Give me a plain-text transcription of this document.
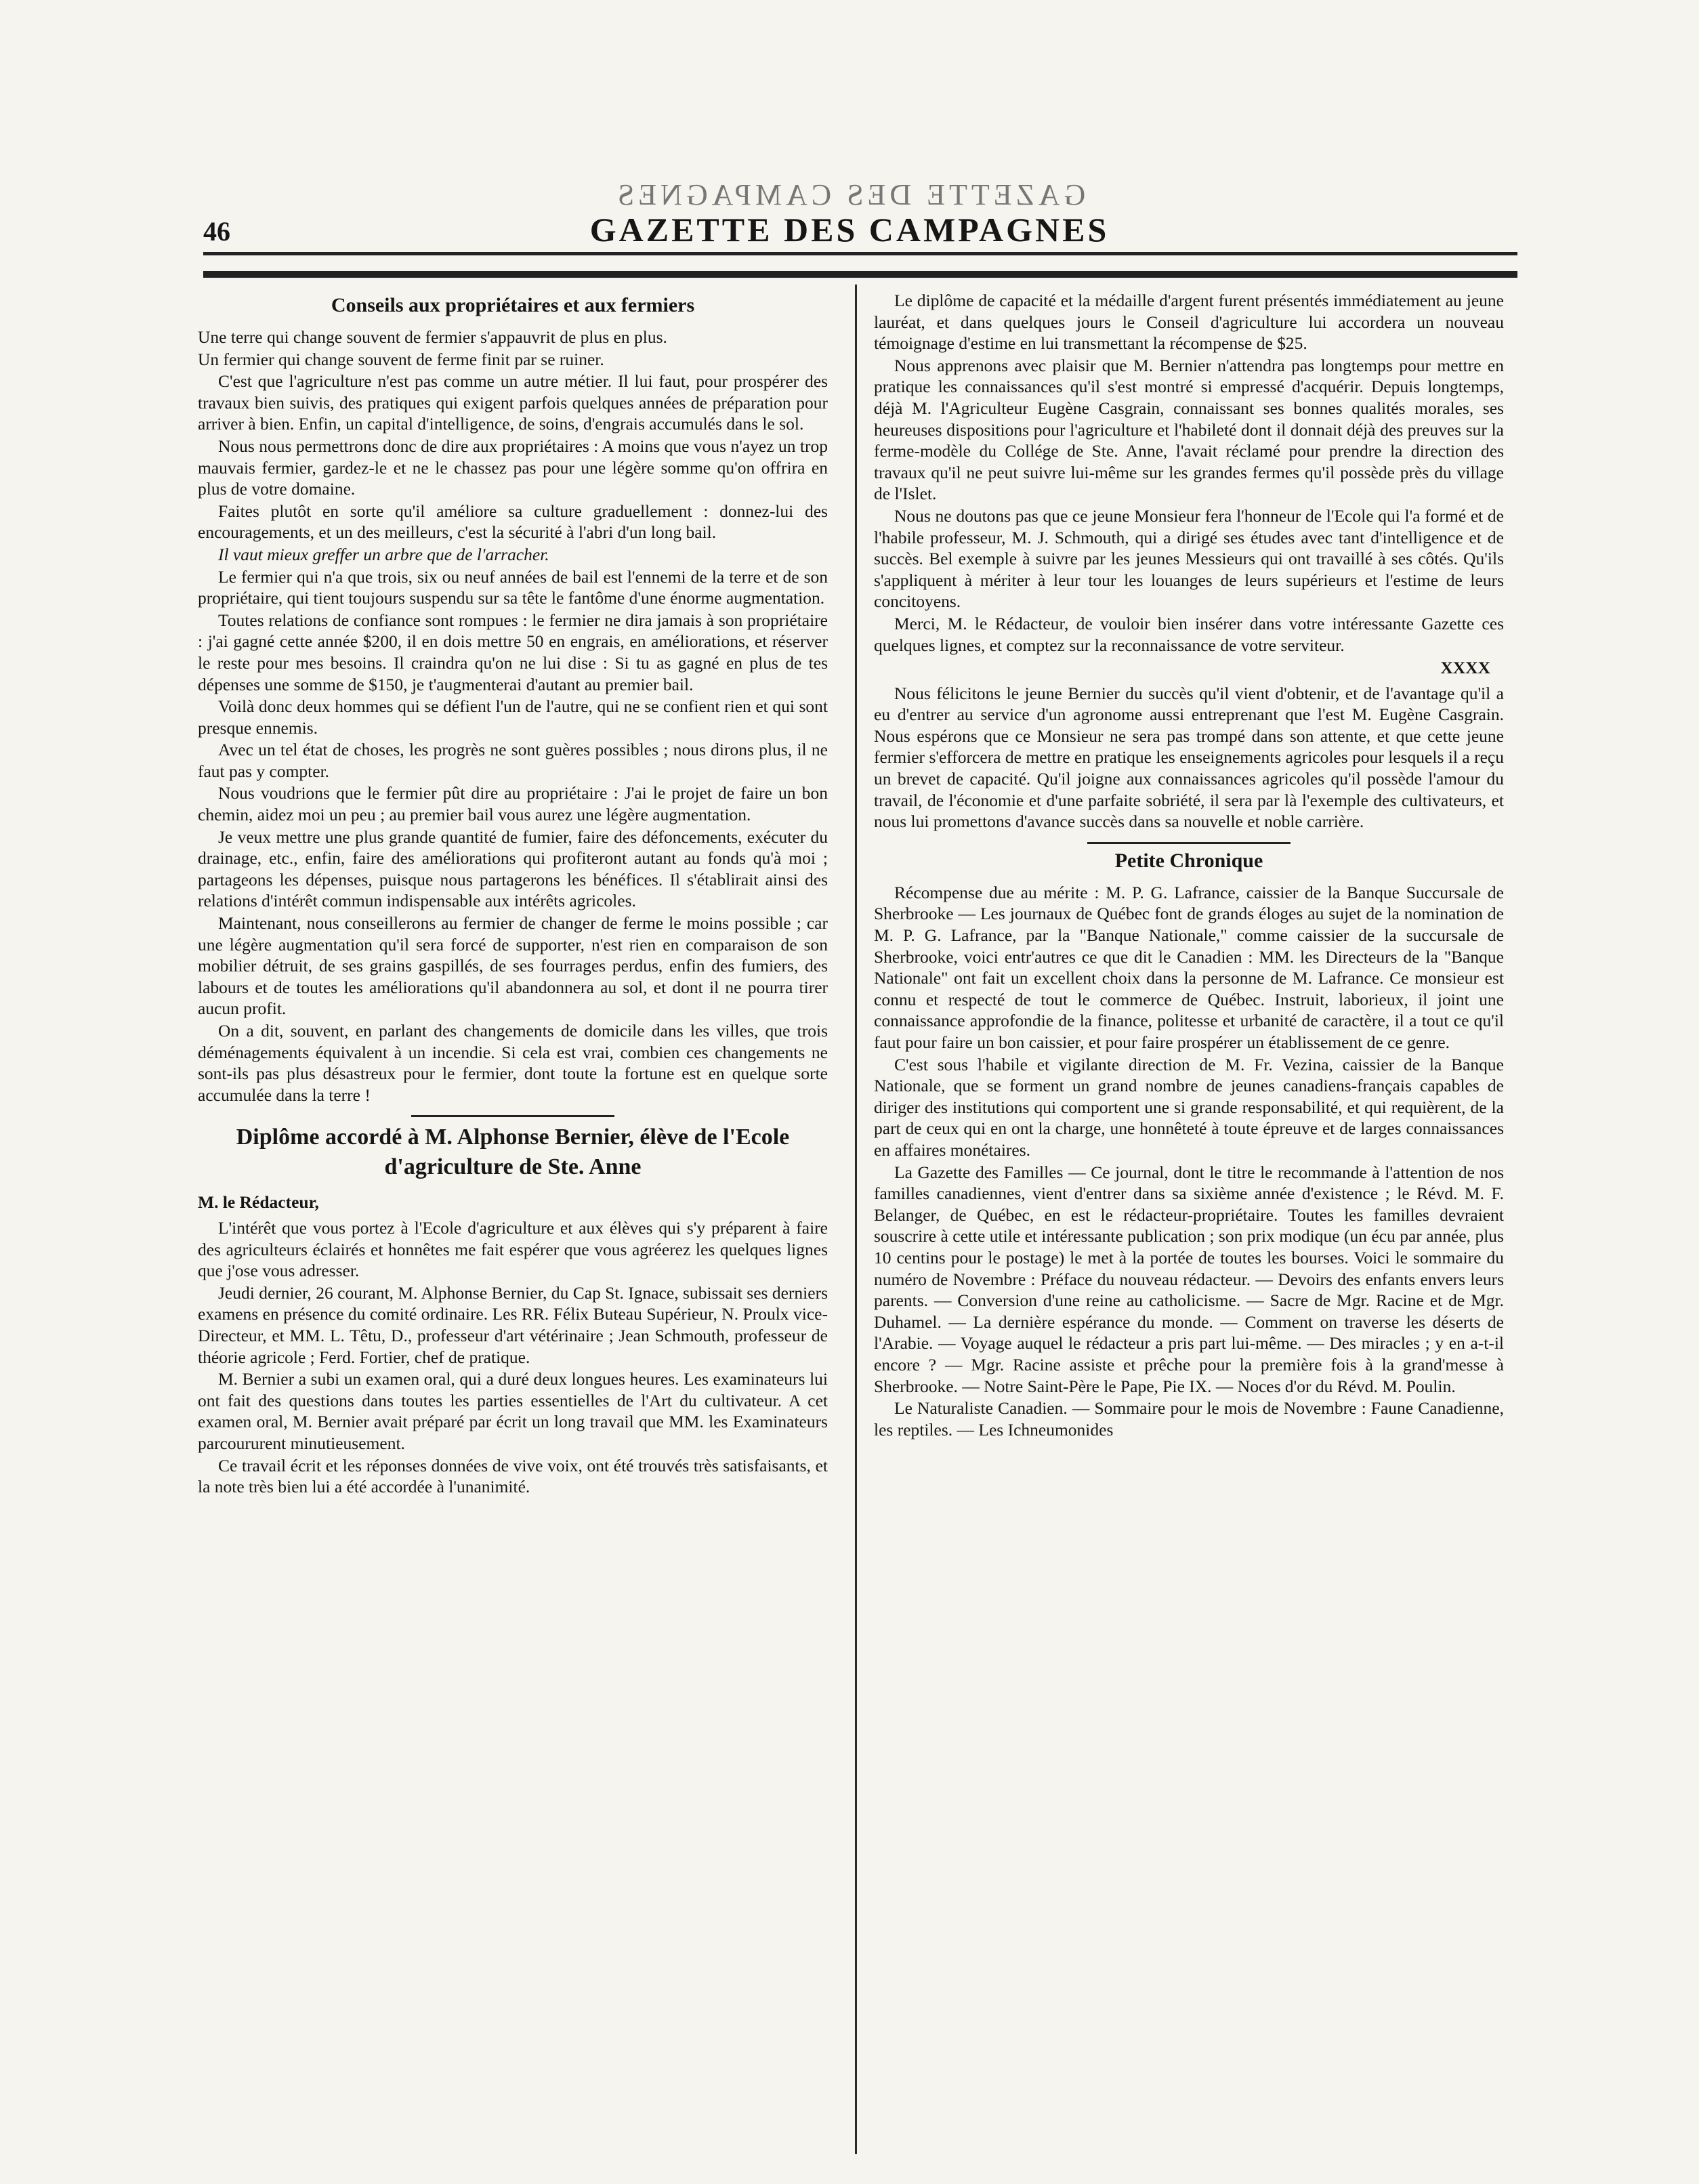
GAZETTE DES CAMPAGNES
46	GAZETTE DES CAMPAGNES
Conseils aux propriétaires et aux fermiers

Une terre qui change souvent de fermier s'appauvrit de plus en plus.

Un fermier qui change souvent de ferme finit par se ruiner.

C'est que l'agriculture n'est pas comme un autre métier. Il lui faut, pour prospérer des travaux bien suivis, des pratiques qui exigent parfois quelques années de préparation pour arriver à bien. Enfin, un capital d'intelligence, de soins, d'engrais accumulés dans le sol.

Nous nous permettrons donc de dire aux propriétaires : A moins que vous n'ayez un trop mauvais fermier, gardez-le et ne le chassez pas pour une légère somme qu'on offrira en plus de votre domaine.

Faites plutôt en sorte qu'il améliore sa culture graduellement : donnez-lui des encouragements, et un des meilleurs, c'est la sécurité à l'abri d'un long bail.

Il vaut mieux greffer un arbre que de l'arracher.

Le fermier qui n'a que trois, six ou neuf années de bail est l'ennemi de la terre et de son propriétaire, qui tient toujours suspendu sur sa tête le fantôme d'une énorme augmentation.

Toutes relations de confiance sont rompues : le fermier ne dira jamais à son propriétaire : j'ai gagné cette année $200, il en dois mettre 50 en engrais, en améliorations, et réserver le reste pour mes besoins. Il craindra qu'on ne lui dise : Si tu as gagné en plus de tes dépenses une somme de $150, je t'augmenterai d'autant au premier bail.

Voilà donc deux hommes qui se défient l'un de l'autre, qui ne se confient rien et qui sont presque ennemis.

Avec un tel état de choses, les progrès ne sont guères possibles ; nous dirons plus, il ne faut pas y compter.

Nous voudrions que le fermier pût dire au propriétaire : J'ai le projet de faire un bon chemin, aidez moi un peu ; au premier bail vous aurez une légère augmentation.

Je veux mettre une plus grande quantité de fumier, faire des défoncements, exécuter du drainage, etc., enfin, faire des améliorations qui profiteront autant au fonds qu'à moi ; partageons les dépenses, puisque nous partagerons les bénéfices. Il s'établirait ainsi des relations d'intérêt commun indispensable aux intérêts agricoles.

Maintenant, nous conseillerons au fermier de changer de ferme le moins possible ; car une légère augmentation qu'il sera forcé de supporter, n'est rien en comparaison de son mobilier détruit, de ses grains gaspillés, de ses fourrages perdus, enfin des fumiers, des labours et de toutes les améliorations qu'il abandonnera au sol, et dont il ne pourra tirer aucun profit.

On a dit, souvent, en parlant des changements de domicile dans les villes, que trois déménagements équivalent à un incendie. Si cela est vrai, combien ces changements ne sont-ils pas plus désastreux pour le fermier, dont toute la fortune est en quelque sorte accumulée dans la terre !

Diplôme accordé à M. Alphonse Bernier, élève de l'Ecole d'agriculture de Ste. Anne
M. le Rédacteur,

L'intérêt que vous portez à l'Ecole d'agriculture et aux élèves qui s'y préparent à faire des agriculteurs éclairés et honnêtes me fait espérer que vous agréerez les quelques lignes que j'ose vous adresser.

Jeudi dernier, 26 courant, M. Alphonse Bernier, du Cap St. Ignace, subissait ses derniers examens en présence du comité ordinaire. Les RR. Félix Buteau Supérieur, N. Proulx vice-Directeur, et MM. L. Têtu, D., professeur d'art vétérinaire ; Jean Schmouth, professeur de théorie agricole ; Ferd. Fortier, chef de pratique.

M. Bernier a subi un examen oral, qui a duré deux longues heures. Les examinateurs lui ont fait des questions dans toutes les parties essentielles de l'Art du cultivateur. A cet examen oral, M. Bernier avait préparé par écrit un long travail que MM. les Examinateurs parcoururent minutieusement.

Ce travail écrit et les réponses données de vive voix, ont été trouvés très satisfaisants, et la note très bien lui a été accordée à l'unanimité.

Le diplôme de capacité et la médaille d'argent furent présentés immédiatement au jeune lauréat, et dans quelques jours le Conseil d'agriculture lui accordera un nouveau témoignage d'estime en lui transmettant la récompense de $25.

Nous apprenons avec plaisir que M. Bernier n'attendra pas longtemps pour mettre en pratique les connaissances qu'il s'est montré si empressé d'acquérir. Depuis longtemps, déjà M. l'Agriculteur Eugène Casgrain, connaissant ses bonnes qualités morales, ses heureuses dispositions pour l'agriculture et l'habileté dont il donnait déjà des preuves sur la ferme-modèle du Collége de Ste. Anne, l'avait réclamé pour prendre la direction des travaux qu'il ne peut suivre lui-même sur les grandes fermes qu'il possède près du village de l'Islet.

Nous ne doutons pas que ce jeune Monsieur fera l'honneur de l'Ecole qui l'a formé et de l'habile professeur, M. J. Schmouth, qui a dirigé ses études avec tant d'intelligence et de succès. Bel exemple à suivre par les jeunes Messieurs qui ont travaillé à ses côtés. Qu'ils s'appliquent à mériter à leur tour les louanges de leurs supérieurs et l'estime de leurs concitoyens.

Merci, M. le Rédacteur, de vouloir bien insérer dans votre intéressante Gazette ces quelques lignes, et comptez sur la reconnaissance de votre serviteur.

XXXX

Nous félicitons le jeune Bernier du succès qu'il vient d'obtenir, et de l'avantage qu'il a eu d'entrer au service d'un agronome aussi entreprenant que l'est M. Eugène Casgrain. Nous espérons que ce Monsieur ne sera pas trompé dans son attente, et que cette jeune fermier s'efforcera de mettre en pratique les enseignements agricoles pour lesquels il a reçu un brevet de capacité. Qu'il joigne aux connaissances agricoles qu'il possède l'amour du travail, de l'économie et d'une parfaite sobriété, il sera par là l'exemple des cultivateurs, et nous lui promettons d'avance succès dans sa nouvelle et noble carrière.

Petite Chronique

Récompense due au mérite : M. P. G. Lafrance, caissier de la Banque Succursale de Sherbrooke — Les journaux de Québec font de grands éloges au sujet de la nomination de M. P. G. Lafrance, par la "Banque Nationale," comme caissier de la succursale de Sherbrooke, voici entr'autres ce que dit le Canadien : MM. les Directeurs de la "Banque Nationale" ont fait un excellent choix dans la personne de M. Lafrance. Ce monsieur est connu et respecté de tout le commerce de Québec. Instruit, laborieux, il joint une connaissance approfondie de la finance, politesse et urbanité de caractère, il a tout ce qu'il faut pour faire un bon caissier, et pour faire prospérer un établissement de ce genre.

C'est sous l'habile et vigilante direction de M. Fr. Vezina, caissier de la Banque Nationale, que se forment un grand nombre de jeunes canadiens-français capables de diriger des institutions qui comportent une si grande responsabilité, et qui requièrent, de la part de ceux qui en ont la charge, une honnêteté à toute épreuve et de larges connaissances en affaires monétaires.

La Gazette des Familles — Ce journal, dont le titre le recommande à l'attention de nos familles canadiennes, vient d'entrer dans sa sixième année d'existence ; le Révd. M. F. Belanger, de Québec, en est le rédacteur-propriétaire. Toutes les familles devraient souscrire à cette utile et intéressante publication ; son prix modique (un écu par année, plus 10 centins pour le postage) le met à la portée de toutes les bourses. Voici le sommaire du numéro de Novembre : Préface du nouveau rédacteur. — Devoirs des enfants envers leurs parents. — Conversion d'une reine au catholicisme. — Sacre de Mgr. Racine et de Mgr. Duhamel. — La dernière espérance du monde. — Comment on traverse les déserts de l'Arabie. — Voyage auquel le rédacteur a pris part lui-même. — Des miracles ; y en a-t-il encore ? — Mgr. Racine assiste et prêche pour la première fois à la grand'messe à Sherbrooke. — Notre Saint-Père le Pape, Pie IX. — Noces d'or du Révd. M. Poulin.

Le Naturaliste Canadien. — Sommaire pour le mois de Novembre : Faune Canadienne, les reptiles. — Les Ichneumonides
